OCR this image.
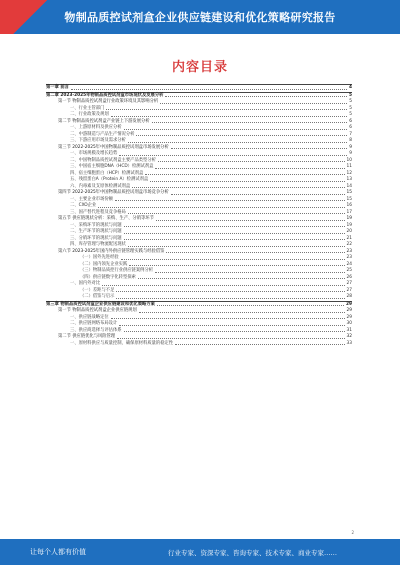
物制品质控试剂盒企业供应链建设和优化策略研究报告
内容目录
第一章 前言	4
第二章 2023-2025年物制品质控试剂盒市场现状及发展分析	5
第一节 物制品质控试剂盒行业政策环境及其影响分析	5
一、行业主管部门	5
二、行业政策及规划	5
第二节 物制品质控试剂盒产业链上下游发展分析	6
一、上游原材料及供应分析	6
二、中游制造与产品生产情况分析	7
三、下游应用市场及需求分析	8
第三节 2022-2025年中国物制品质控试剂盒市场发展分析	9
一、市场规模及增长趋势	9
二、中国物制品质控试剂盒主要产品类型分析	10
三、中国宿主细胞DNA（HCD）检测试剂盒	11
四、宿主细胞蛋白（HCP）检测试剂盒	12
五、残留蛋白A（Protein A）检测试剂盒	13
六、内毒素及支原体检测试剂盒	14
第四节 2022-2025年中国物制品质控试剂盒市场竞争分析	15
一、主要企业市场份额	15
二、CXO企业	16
三、国产替代进程及竞争格局	17
第五节 供应链现状分析：采购、生产、分销等环节	19
一、采购环节的现状与问题	19
二、生产环节的现状与问题	20
三、分销环节的现状与问题	21
四、库存管理与物流配送现状	22
第六节 2023-2025年国内外供应链管理实践与经验借鉴	23
（一）国外先进经验	23
（二）国内领先企业实践	24
（三）物制品质控行业供应链案例分析	25
（四）供应链数字化转型探索	26
一、国内外对比	27
（一）差距与不足	27
（二）借鉴与启示	28
第三章 物制品质控试剂盒企业供应链建设和优化策略方案	29
第一节 物制品质控试剂盒企业供应链规划	29
一、供应链战略定位	29
二、供应链网络布局设计	30
三、供应商选择与评估体系	31
第二节 供应链优化与风险管理	32
一、原材料供应与质量控制，确保原材料质量的稳定性	33
2
让每个人都有价值	行业专家、资深专家、咨询专家、技术专家、商业专家……
